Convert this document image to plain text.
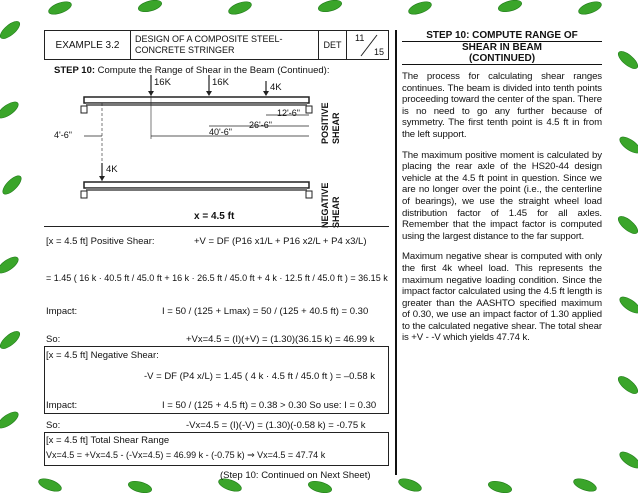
EXAMPLE 3.2
DESIGN OF A COMPOSITE STEEL-
CONCRETE STRINGER	DET
11
15
STEP 10: Compute the Range of Shear in the Beam (Continued):
16K	16K	4K
12'-6"
26'-6"
40'-6"
4'-6"
4K
POSITIVE SHEAR
NEGATIVE SHEAR
x = 4.5 ft
[x = 4.5 ft] Positive Shear:	+V = DF (P16 x1/L + P16 x2/L + P4 x3/L)
= 1.45 ( 16 k · 40.5 ft / 45.0 ft + 16 k · 26.5 ft / 45.0 ft + 4 k · 12.5 ft / 45.0 ft ) = 36.15 k
Impact:	I = 50 / (125 + Lmax) = 50 / (125 + 40.5 ft) = 0.30
So:	+Vx=4.5 = (I)(+V) = (1.30)(36.15 k) = 46.99 k
[x = 4.5 ft] Negative Shear:
-V = DF (P4 x/L) = 1.45 ( 4 k · 4.5 ft / 45.0 ft ) = –0.58 k
Impact:	I = 50 / (125 + 4.5 ft) = 0.38 > 0.30 So use: I = 0.30
So:	-Vx=4.5 = (I)(-V) = (1.30)(-0.58 k) = -0.75 k
[x = 4.5 ft] Total Shear Range
Vx=4.5 = +Vx=4.5 - (-Vx=4.5) = 46.99 k - (-0.75 k) ⇒ Vx=4.5 = 47.74 k
(Step 10: Continued on Next Sheet)
STEP 10: COMPUTE RANGE OF
SHEAR IN BEAM
(CONTINUED)

The process for calculating shear ranges continues. The beam is divided into tenth points proceeding toward the center of the span. There is no need to go any further because of symmetry. The first tenth point is 4.5 ft in from the left support.

The maximum positive moment is calculated by placing the rear axle of the HS20-44 design vehicle at the 4.5 ft point in question. Since we are no longer over the point (i.e., the centerline of bearings), we use the straight wheel load distribution factor of 1.45 for all axles. Remember that the impact factor is computed using the largest distance to the far support.

Maximum negative shear is computed with only the first 4k wheel load. This represents the maximum negative loading condition. Since the impact factor calculated using the 4.5 ft length is greater than the AASHTO specified maximum of 0.30, we use an impact factor of 1.30 applied to the calculated negative shear. The total shear is +V - -V which yields 47.74 k.
